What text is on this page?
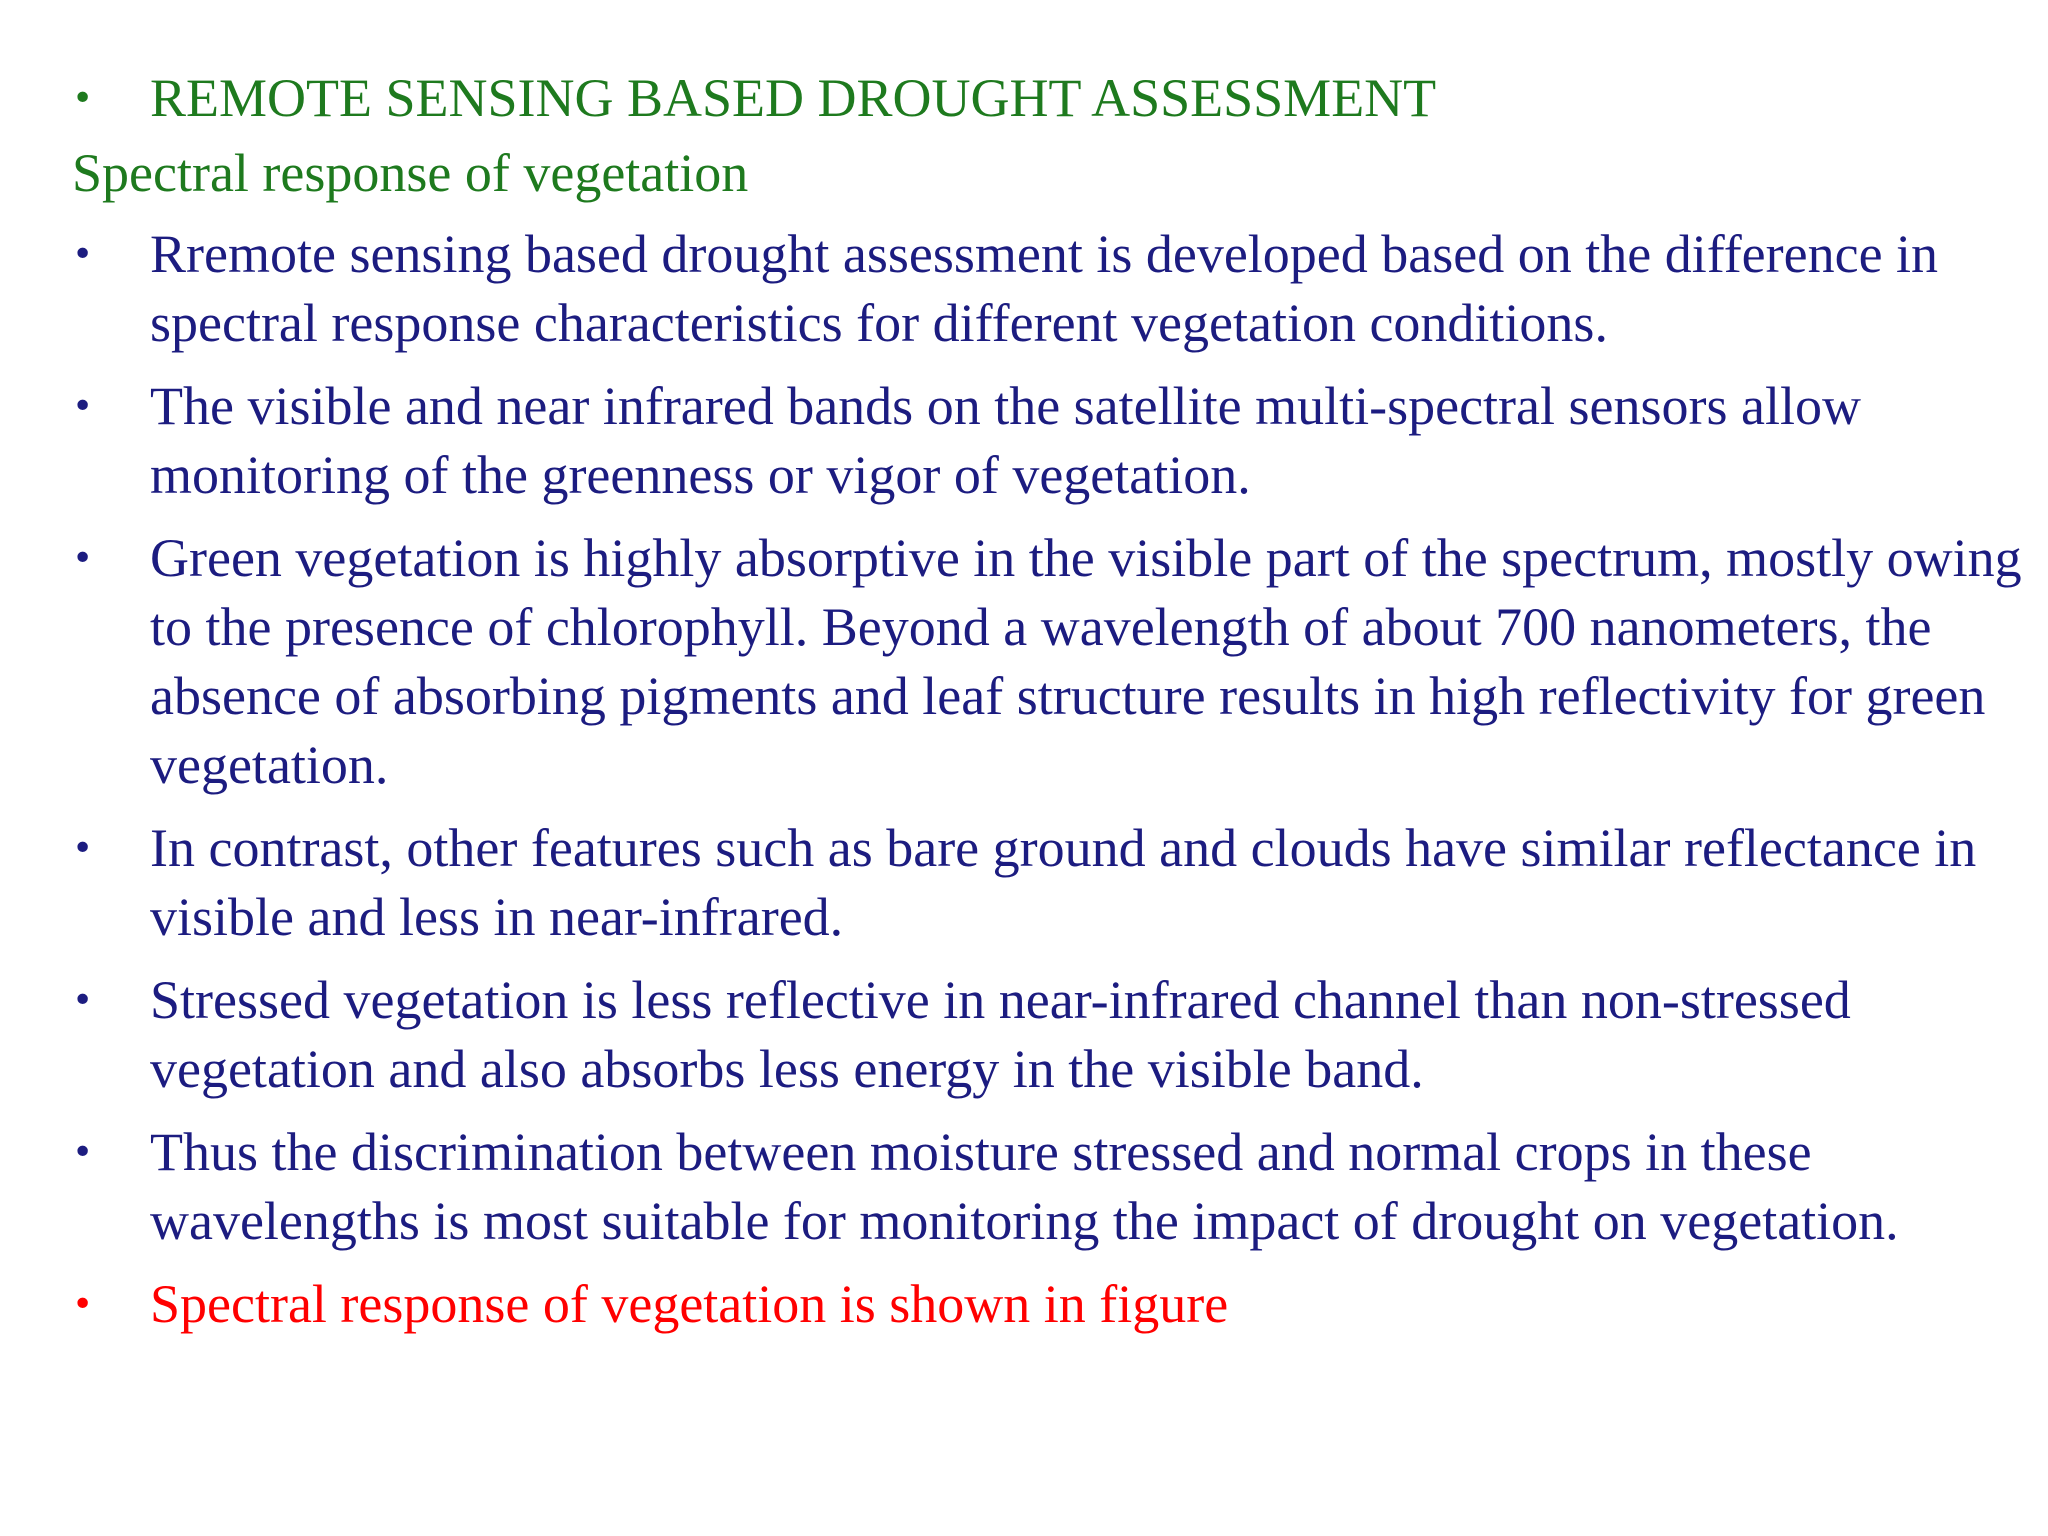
•	REMOTE SENSING BASED DROUGHT ASSESSMENT
Spectral response of vegetation
•	Rremote sensing based drought assessment is developed based on the difference in spectral response characteristics for different vegetation conditions.
•	The visible and near infrared bands on the satellite multi-spectral sensors allow monitoring of the greenness or vigor of vegetation.
•	Green vegetation is highly absorptive in the visible part of the spectrum, mostly owing to the presence of chlorophyll. Beyond a wavelength of about 700 nanometers, the absence of absorbing pigments and leaf structure results in high reflectivity for green vegetation.
•	In contrast, other features such as bare ground and clouds have similar reflectance in visible and less in near-infrared.
•	Stressed vegetation is less reflective in near-infrared channel than non-stressed vegetation and also absorbs less energy in the visible band.
•	Thus the discrimination between moisture stressed and normal crops in these wavelengths is most suitable for monitoring the impact of drought on vegetation.
•	Spectral response of vegetation is shown in figure
